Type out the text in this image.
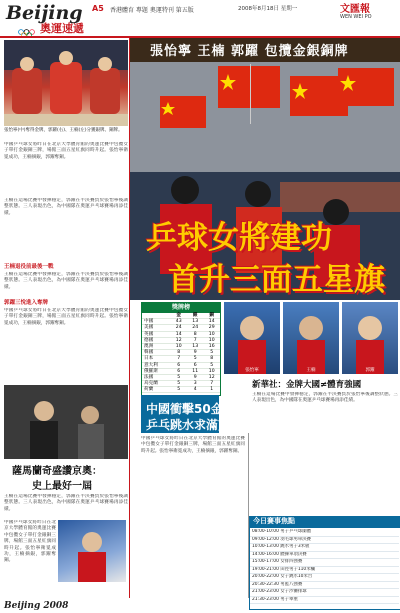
Beijing
奧運速遞
A5 香港體育 專題 奧運特刊 第五版	2008年8月18日 星期一	文匯報
WEN WEI PO
張怡寧(中)奪得金牌，郭躍(右)、王楠(左)分獲銀牌、銅牌。
中國乒乓球女將昨日在北京大學體育館的奧運比賽中包攬女子單打金銀銅三牌，場館三面五星紅旗同時升起。張怡寧衛冕成功，王楠摘銀，郭躍奪銅。
王楠在這場比賽中發揮穩定，郭躍在半決賽負於張怡寧後調整狀態。三人表現出色，為中國隊在奧運乒乓球賽場再添佳績。
王楠退役前最後一戰
王楠在這場比賽中發揮穩定，郭躍在半決賽負於張怡寧後調整狀態。三人表現出色，為中國隊在奧運乒乓球賽場再添佳績。
郭躍三悅進入奪牌
中國乒乓球女將昨日在北京大學體育館的奧運比賽中包攬女子單打金銀銅三牌，場館三面五星紅旗同時升起。張怡寧衛冕成功，王楠摘銀，郭躍奪銅。
薩馬蘭奇盛讚京奧：
史上最好一屆
王楠在這場比賽中發揮穩定，郭躍在半決賽負於張怡寧後調整狀態。三人表現出色，為中國隊在奧運乒乓球賽場再添佳績。
中國乒乓球女將昨日在北京大學體育館的奧運比賽中包攬女子單打金銀銅三牌，場館三面五星紅旗同時升起。張怡寧衛冕成功，王楠摘銀，郭躍奪銅。
張怡寧 王楠 郭躍 包攬金銀銅牌
乒球女將建功
首升三面五星旗
獎牌榜
金	銀	銅
中國	43	13	14
美國	24	24	29
英國	14	8	10
德國	12	7	10
澳洲	10	13	16
韓國	8	9	5
日本	7	5	8
意大利	6	6	5
俄羅斯	6	11	10
法國	5	9	12
烏克蘭	5	3	7
荷蘭	5	4	1
張怡寧	王楠	郭躍
新華社：金牌大國≠體育強國
王楠在這場比賽中發揮穩定，郭躍在半決賽負於張怡寧後調整狀態。三人表現出色，為中國隊在奧運乒乓球賽場再添佳績。
中國衝擊50金
乒乓跳水求滿貫
中國乒乓球女將昨日在北京大學體育館的奧運比賽中包攬女子單打金銀銅三牌，場館三面五星紅旗同時升起。張怡寧衛冕成功，王楠摘銀，郭躍奪銅。
今日賽事焦點
08:00-10:00 男子乒乓球團體
09:00-12:00 羽毛球男單決賽
10:00-13:00 跳水男子3米板
14:00-16:00 體操單項決賽
15:00-17:00 女排四強賽
19:00-21:00 田徑男子110米欄
20:00-22:00 女子跳水10米台
20:30-22:30 男籃八強賽
21:00-23:00 女子沙灘排球
21:30-23:00 男子舉重
Beijing 2008
